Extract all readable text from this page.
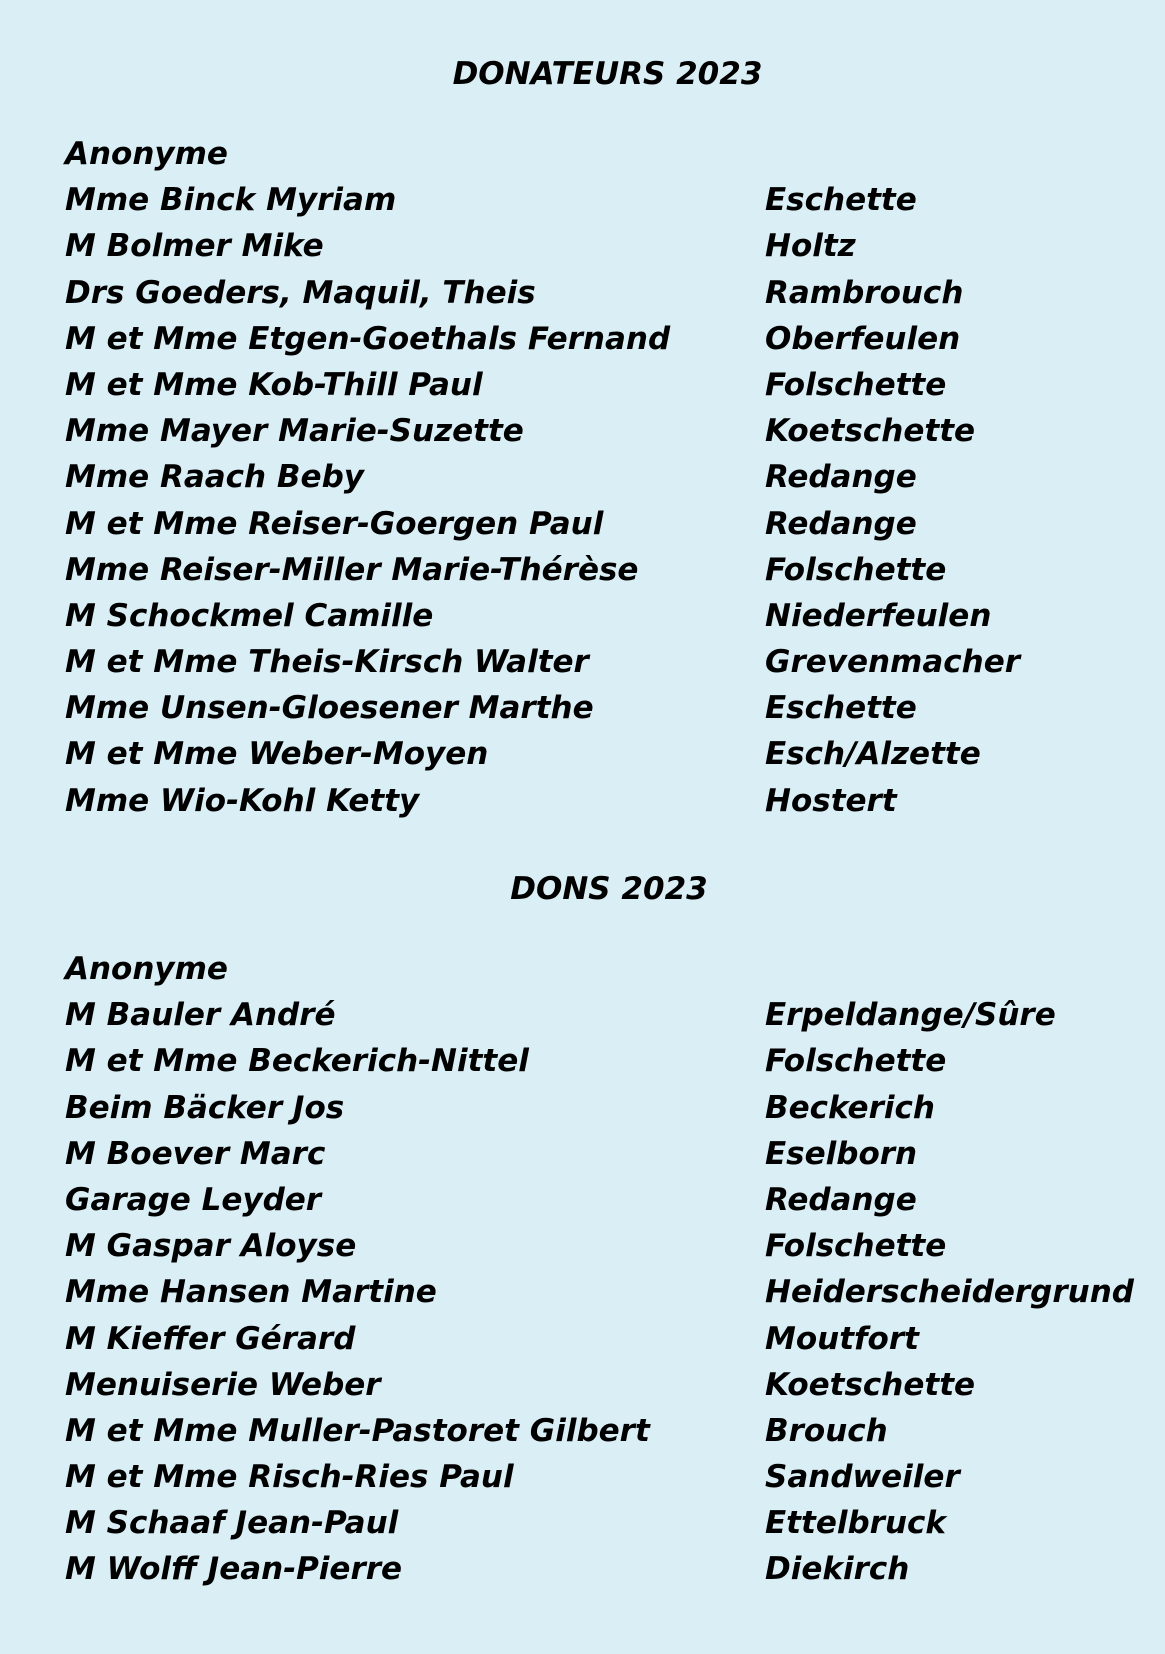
DONATEURS 2023
Anonyme
Mme Binck Myriam	Eschette
M Bolmer Mike	Holtz
Drs Goeders, Maquil, Theis	Rambrouch
M et Mme Etgen-Goethals Fernand	Oberfeulen
M et Mme Kob-Thill Paul	Folschette
Mme Mayer Marie-Suzette	Koetschette
Mme Raach Beby	Redange
M et Mme Reiser-Goergen Paul	Redange
Mme Reiser-Miller Marie-Thérèse	Folschette
M Schockmel Camille	Niederfeulen
M et Mme Theis-Kirsch Walter	Grevenmacher
Mme Unsen-Gloesener Marthe	Eschette
M et Mme Weber-Moyen	Esch/Alzette
Mme Wio-Kohl Ketty	Hostert
DONS 2023
Anonyme
M Bauler André	Erpeldange/Sûre
M et Mme Beckerich-Nittel	Folschette
Beim Bäcker Jos	Beckerich
M Boever Marc	Eselborn
Garage Leyder	Redange
M Gaspar Aloyse	Folschette
Mme Hansen Martine	Heiderscheidergrund
M Kieffer Gérard	Moutfort
Menuiserie Weber	Koetschette
M et Mme Muller-Pastoret Gilbert	Brouch
M et Mme Risch-Ries Paul	Sandweiler
M Schaaf Jean-Paul	Ettelbruck
M Wolff Jean-Pierre	Diekirch
